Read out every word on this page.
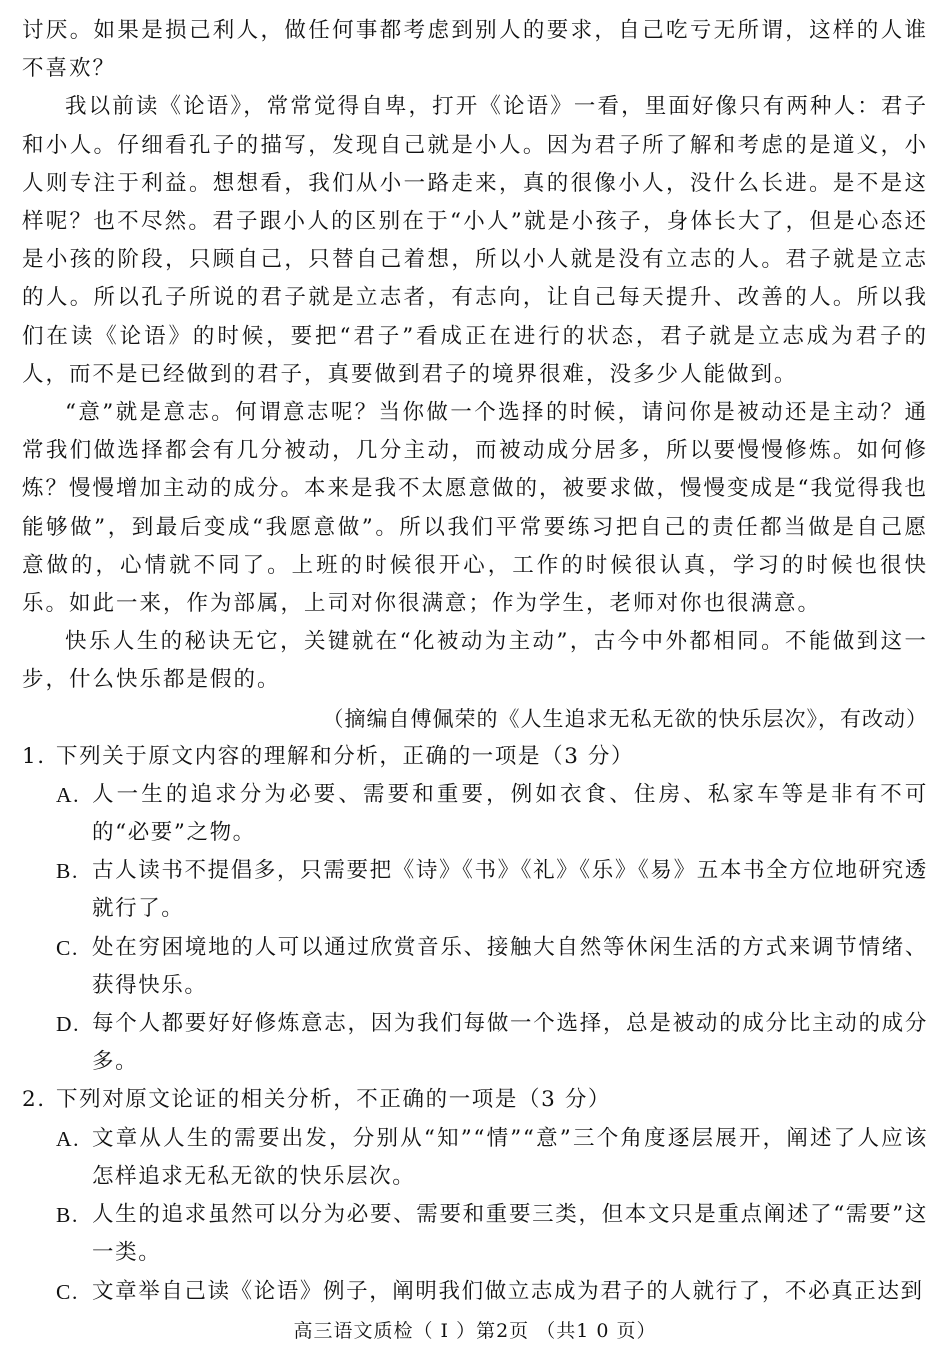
讨厌。如果是损己利人，做任何事都考虑到别人的要求，自己吃亏无所谓，这样的人谁不喜欢？

我以前读《论语》，常常觉得自卑，打开《论语》一看，里面好像只有两种人：君子和小人。仔细看孔子的描写，发现自己就是小人。因为君子所了解和考虑的是道义，小人则专注于利益。想想看，我们从小一路走来，真的很像小人，没什么长进。是不是这样呢？也不尽然。君子跟小人的区别在于“小人”就是小孩子，身体长大了，但是心态还是小孩的阶段，只顾自己，只替自己着想，所以小人就是没有立志的人。君子就是立志的人。所以孔子所说的君子就是立志者，有志向，让自己每天提升、改善的人。所以我们在读《论语》的时候，要把“君子”看成正在进行的状态，君子就是立志成为君子的人，而不是已经做到的君子，真要做到君子的境界很难，没多少人能做到。

“意”就是意志。何谓意志呢？当你做一个选择的时候，请问你是被动还是主动？通常我们做选择都会有几分被动，几分主动，而被动成分居多，所以要慢慢修炼。如何修炼？慢慢增加主动的成分。本来是我不太愿意做的，被要求做，慢慢变成是“我觉得我也能够做”，到最后变成“我愿意做”。所以我们平常要练习把自己的责任都当做是自己愿意做的，心情就不同了。上班的时候很开心，工作的时候很认真，学习的时候也很快乐。如此一来，作为部属，上司对你很满意；作为学生，老师对你也很满意。

快乐人生的秘诀无它，关键就在“化被动为主动”，古今中外都相同。不能做到这一步，什么快乐都是假的。

（摘编自傅佩荣的《人生追求无私无欲的快乐层次》，有改动）

1. 下列关于原文内容的理解和分析，正确的一项是（3 分）

A. 人一生的追求分为必要、需要和重要，例如衣食、住房、私家车等是非有不可的“必要”之物。

B. 古人读书不提倡多，只需要把《诗》《书》《礼》《乐》《易》五本书全方位地研究透就行了。

C. 处在穷困境地的人可以通过欣赏音乐、接触大自然等休闲生活的方式来调节情绪、获得快乐。

D. 每个人都要好好修炼意志，因为我们每做一个选择，总是被动的成分比主动的成分多。

2. 下列对原文论证的相关分析，不正确的一项是（3 分）

A. 文章从人生的需要出发，分别从“知”“情”“意”三个角度逐层展开，阐述了人应该怎样追求无私无欲的快乐层次。

B. 人生的追求虽然可以分为必要、需要和重要三类，但本文只是重点阐述了“需要”这一类。

C. 文章举自己读《论语》例子，阐明我们做立志成为君子的人就行了，不必真正达到

高三语文质检（ Ⅰ ）第2页 （共1 0 页）
